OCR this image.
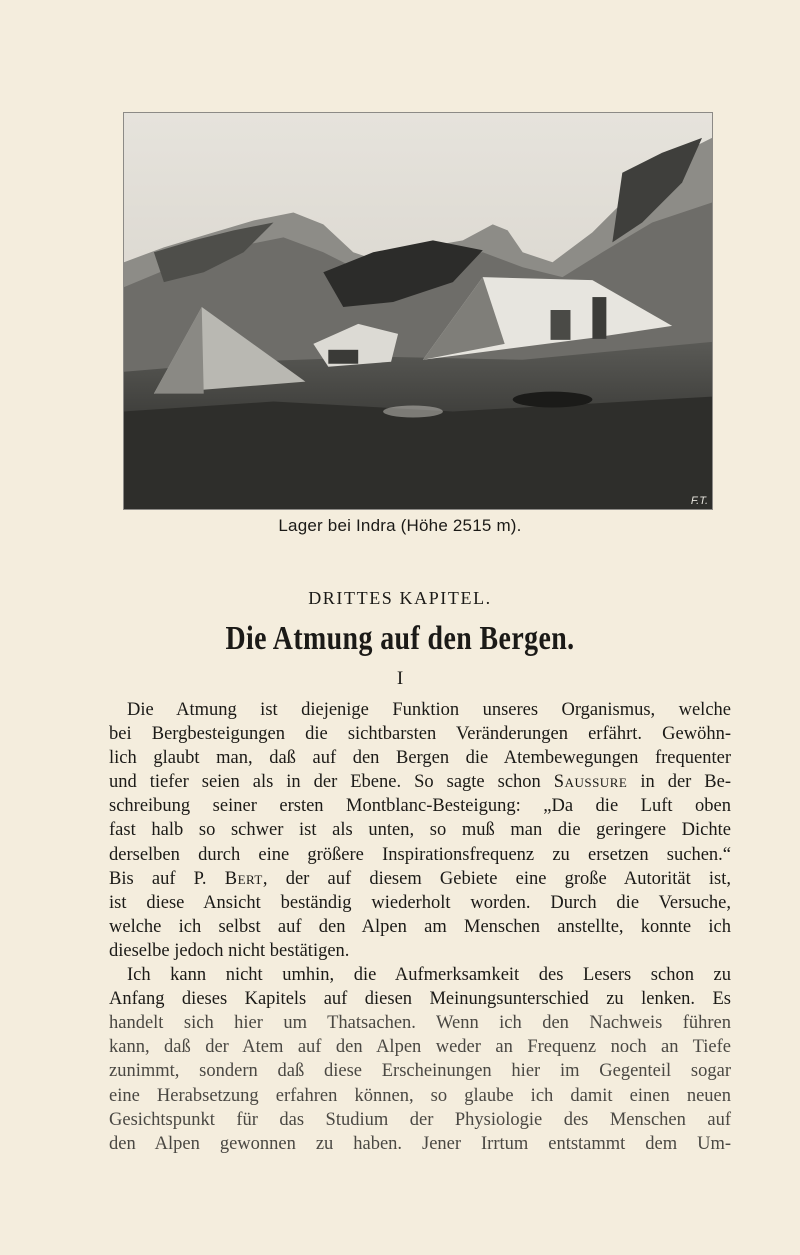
F.T.
Lager bei Indra (Höhe 2515 m).
DRITTES KAPITEL.
Die Atmung auf den Bergen.
I
Die Atmung ist diejenige Funktion unseres Organismus, welche
bei Bergbesteigungen die sichtbarsten Veränderungen erfährt. Gewöhn-
lich glaubt man, daß auf den Bergen die Atembewegungen frequenter
und tiefer seien als in der Ebene. So sagte schon Saussure in der Be-
schreibung seiner ersten Montblanc-Besteigung: „Da die Luft oben
fast halb so schwer ist als unten, so muß man die geringere Dichte
derselben durch eine größere Inspirationsfrequenz zu ersetzen suchen.“
Bis auf P. Bert, der auf diesem Gebiete eine große Autorität ist,
ist diese Ansicht beständig wiederholt worden. Durch die Versuche,
welche ich selbst auf den Alpen am Menschen anstellte, konnte ich
dieselbe jedoch nicht bestätigen.
Ich kann nicht umhin, die Aufmerksamkeit des Lesers schon zu
Anfang dieses Kapitels auf diesen Meinungsunterschied zu lenken. Es
handelt sich hier um Thatsachen. Wenn ich den Nachweis führen
kann, daß der Atem auf den Alpen weder an Frequenz noch an Tiefe
zunimmt, sondern daß diese Erscheinungen hier im Gegenteil sogar
eine Herabsetzung erfahren können, so glaube ich damit einen neuen
Gesichtspunkt für das Studium der Physiologie des Menschen auf
den Alpen gewonnen zu haben. Jener Irrtum entstammt dem Um-
